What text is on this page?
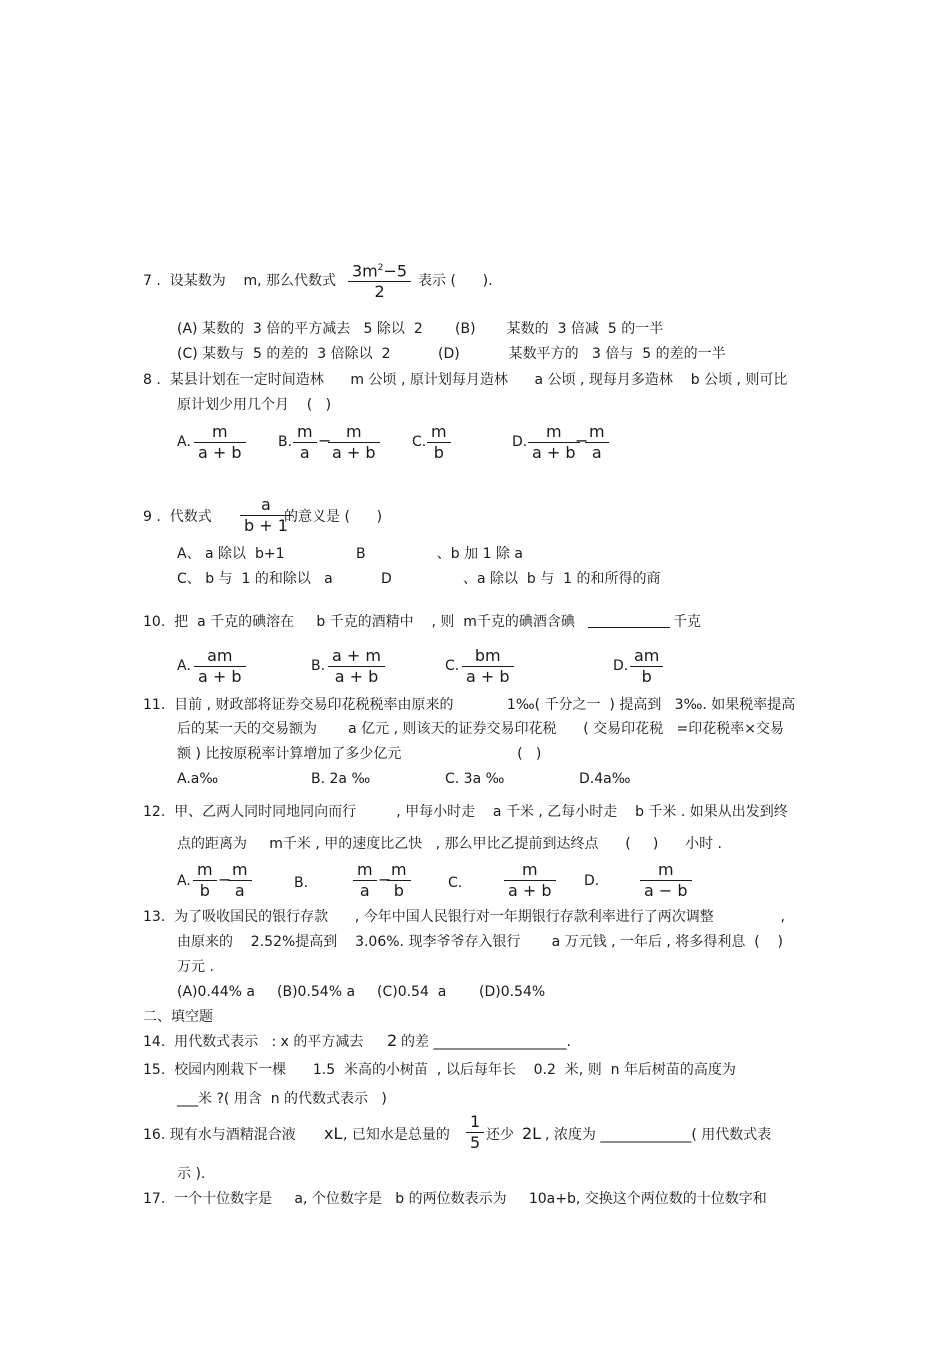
7 .  设某数为    m, 那么代数式
$3m^2-5$
2
表示 (      ).
(A) 某数的  3 倍的平方减去   5 除以  2 (B)       某数的  3 倍减  5 的一半
(C) 某数与  5 的差的  3 倍除以  2	(D)           某数平方的   3 倍与  5 的差的一半
8 .  某县计划在一定时间造林      m 公顷 , 原计划每月造林      a 公顷 , 现每月多造林    b 公顷 , 则可比
原计划少用几个月    (   )
A.
m
a + b
B.
m
a
− m
a + b
C.
m
b
D.
m
a + b
− m
a
9 .  代数式
a
b + 1
的意义是 (      )
A、 a 除以  b+1	B                、b 加 1 除 a
C、 b 与  1 的和除以   a	D                、a 除以  b 与  1 的和所得的商
10.  把  a 千克的碘溶在     b 千克的酒精中    , 则  m千克的碘酒含碘	千克
A.
am
a + b
B.
a + m
a + b
C.
bm
a + b
D.
am
b
11.  目前 , 财政部将证券交易印花税税率由原来的            1‰( 千分之一  ) 提高到   3‰. 如果税率提高
后的某一天的交易额为       a 亿元 , 则该天的证券交易印花税      ( 交易印花税   =印花税率×交易
额 ) 比按原税率计算增加了多少亿元                          (   )
A.a‰	B. 2a ‰	C. 3a ‰	D.4a‰
12.  甲、乙两人同时同地同向而行         , 甲每小时走    a 千米 , 乙每小时走    b 千米 . 如果从出发到终
点的距离为     m千米 , 甲的速度比乙快   , 那么甲比乙提前到达终点      (     )      小时 .
A.
m
b
−
m
a	B.
m
a
−
m
b	C.
m
a + b D.
m
a − b
13.  为了吸收国民的银行存款      , 今年中国人民银行对一年期银行存款利率进行了两次调整               ,
由原来的    2.52%提高到    3.06%. 现李爷爷存入银行       a 万元钱 , 一年后 , 将多得利息  (    )
万元 .
(A)0.44% a (B)0.54% a (C)0.54  a (D)0.54%
二、填空题
14.  用代数式表示   : x 的平方减去 2 的差 ___________________.
15.  校园内刚栽下一棵      1.5  米高的小树苗  , 以后每年长    0.2  米, 则  n 年后树苗的高度为
___米 ?( 用含  n 的代数式表示   )
16. 现有水与酒精混合液 xL , 已知水是总量的
1
5 还少 2L , 浓度为 _____________( 用代数式表
示 ).
17.  一个十位数字是     a, 个位数字是   b 的两位数表示为     10a+b, 交换这个两位数的十位数字和
